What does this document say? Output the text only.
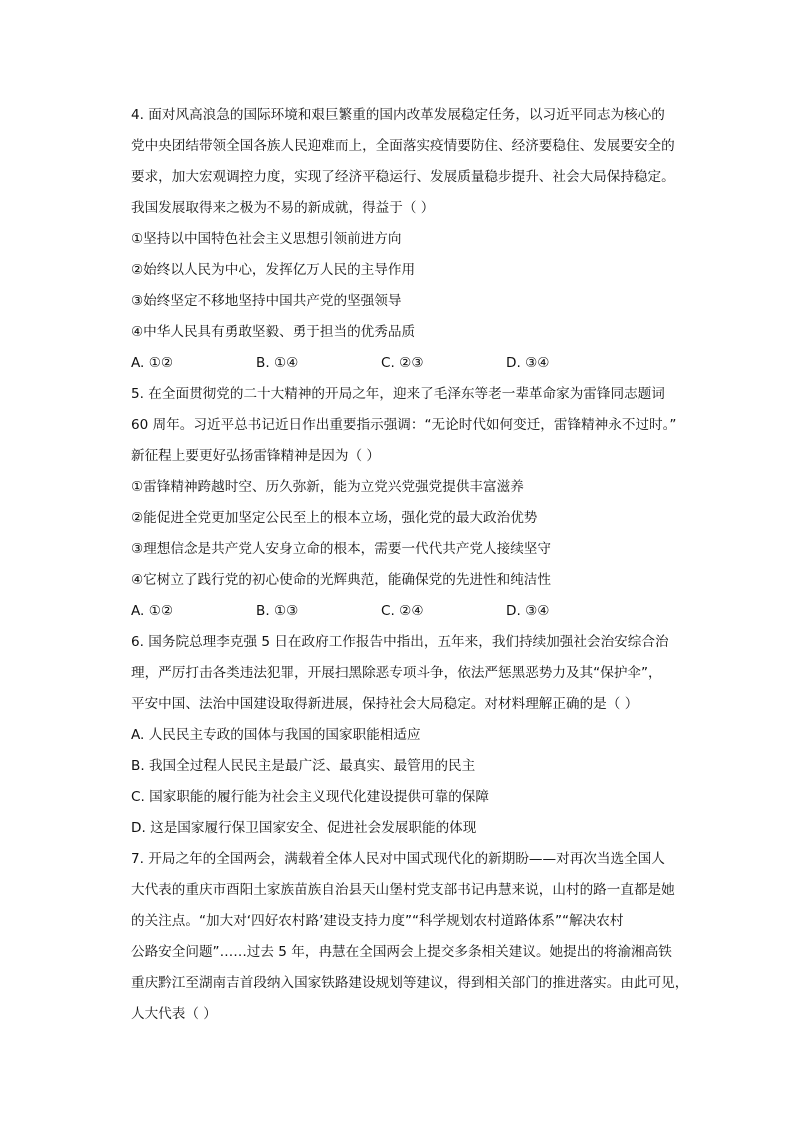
4. 面对风高浪急的国际环境和艰巨繁重的国内改革发展稳定任务，以习近平同志为核心的
党中央团结带领全国各族人民迎难而上，全面落实疫情要防住、经济要稳住、发展要安全的
要求，加大宏观调控力度，实现了经济平稳运行、发展质量稳步提升、社会大局保持稳定。
我国发展取得来之极为不易的新成就，得益于（ ）
①坚持以中国特色社会主义思想引领前进方向
②始终以人民为中心，发挥亿万人民的主导作用
③始终坚定不移地坚持中国共产党的坚强领导
④中华人民具有勇敢坚毅、勇于担当的优秀品质
A. ①②	B. ①④	C. ②③	D. ③④
5. 在全面贯彻党的二十大精神的开局之年，迎来了毛泽东等老一辈革命家为雷锋同志题词
60 周年。习近平总书记近日作出重要指示强调：“无论时代如何变迁，雷锋精神永不过时。”
新征程上要更好弘扬雷锋精神是因为（ ）
①雷锋精神跨越时空、历久弥新，能为立党兴党强党提供丰富滋养
②能促进全党更加坚定公民至上的根本立场，强化党的最大政治优势
③理想信念是共产党人安身立命的根本，需要一代代共产党人接续坚守
④它树立了践行党的初心使命的光辉典范，能确保党的先进性和纯洁性
A. ①②	B. ①③	C. ②④	D. ③④
6. 国务院总理李克强 5 日在政府工作报告中指出，五年来，我们持续加强社会治安综合治
理，严厉打击各类违法犯罪，开展扫黑除恶专项斗争，依法严惩黑恶势力及其“保护伞”，
平安中国、法治中国建设取得新进展，保持社会大局稳定。对材料理解正确的是（ ）
A. 人民民主专政的国体与我国的国家职能相适应
B. 我国全过程人民民主是最广泛、最真实、最管用的民主
C. 国家职能的履行能为社会主义现代化建设提供可靠的保障
D. 这是国家履行保卫国家安全、促进社会发展职能的体现
7. 开局之年的全国两会，满载着全体人民对中国式现代化的新期盼——对再次当选全国人
大代表的重庆市酉阳土家族苗族自治县天山堡村党支部书记冉慧来说，山村的路一直都是她
的关注点。“加大对‘四好农村路’建设支持力度”“科学规划农村道路体系”“解决农村
公路安全问题”……过去 5 年，冉慧在全国两会上提交多条相关建议。她提出的将渝湘高铁
重庆黔江至湖南吉首段纳入国家铁路建设规划等建议，得到相关部门的推进落实。由此可见，
人大代表（ ）
